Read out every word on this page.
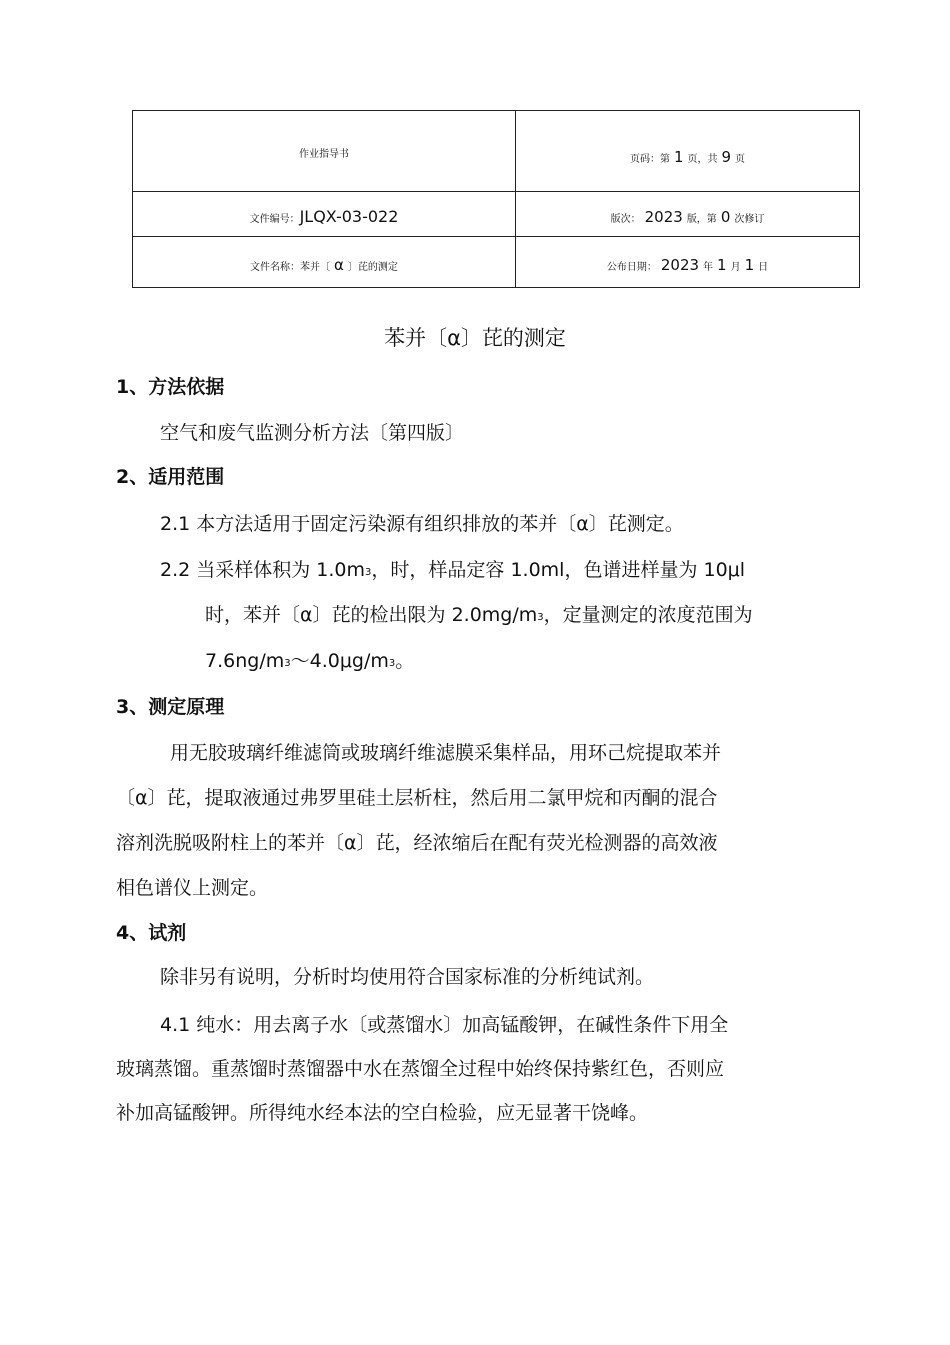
作业指导书	页码：第 1 页，共 9 页
文件编号：JLQX-03-022	版次： 2023 版，第 0 次修订
文件名称：苯并〔 α 〕芘的测定	公布日期： 2023 年 1 月 1 日
苯并〔α〕芘的测定
1、方法依据
空气和废气监测分析方法〔第四版〕
2、适用范围
2.1 本方法适用于固定污染源有组织排放的苯并〔α〕芘测定。
2.2 当采样体积为 $1.0m_3$，时，样品定容 1.0ml，色谱进样量为 10μl
时，苯并〔α〕芘的检出限为 $2.0mg/m_3$，定量测定的浓度范围为
$7.6ng/m_3\sim 4.0\mu g/m_3$。
3、测定原理
用无胶玻璃纤维滤筒或玻璃纤维滤膜采集样品，用环己烷提取苯并
〔α〕芘，提取液通过弗罗里硅土层析柱，然后用二氯甲烷和丙酮的混合
溶剂洗脱吸附柱上的苯并〔α〕芘，经浓缩后在配有荧光检测器的高效液
相色谱仪上测定。
4、试剂
除非另有说明，分析时均使用符合国家标准的分析纯试剂。
4.1 纯水：用去离子水〔或蒸馏水〕加高锰酸钾，在碱性条件下用全
玻璃蒸馏。重蒸馏时蒸馏器中水在蒸馏全过程中始终保持紫红色，否则应
补加高锰酸钾。所得纯水经本法的空白检验，应无显著干饶峰。
